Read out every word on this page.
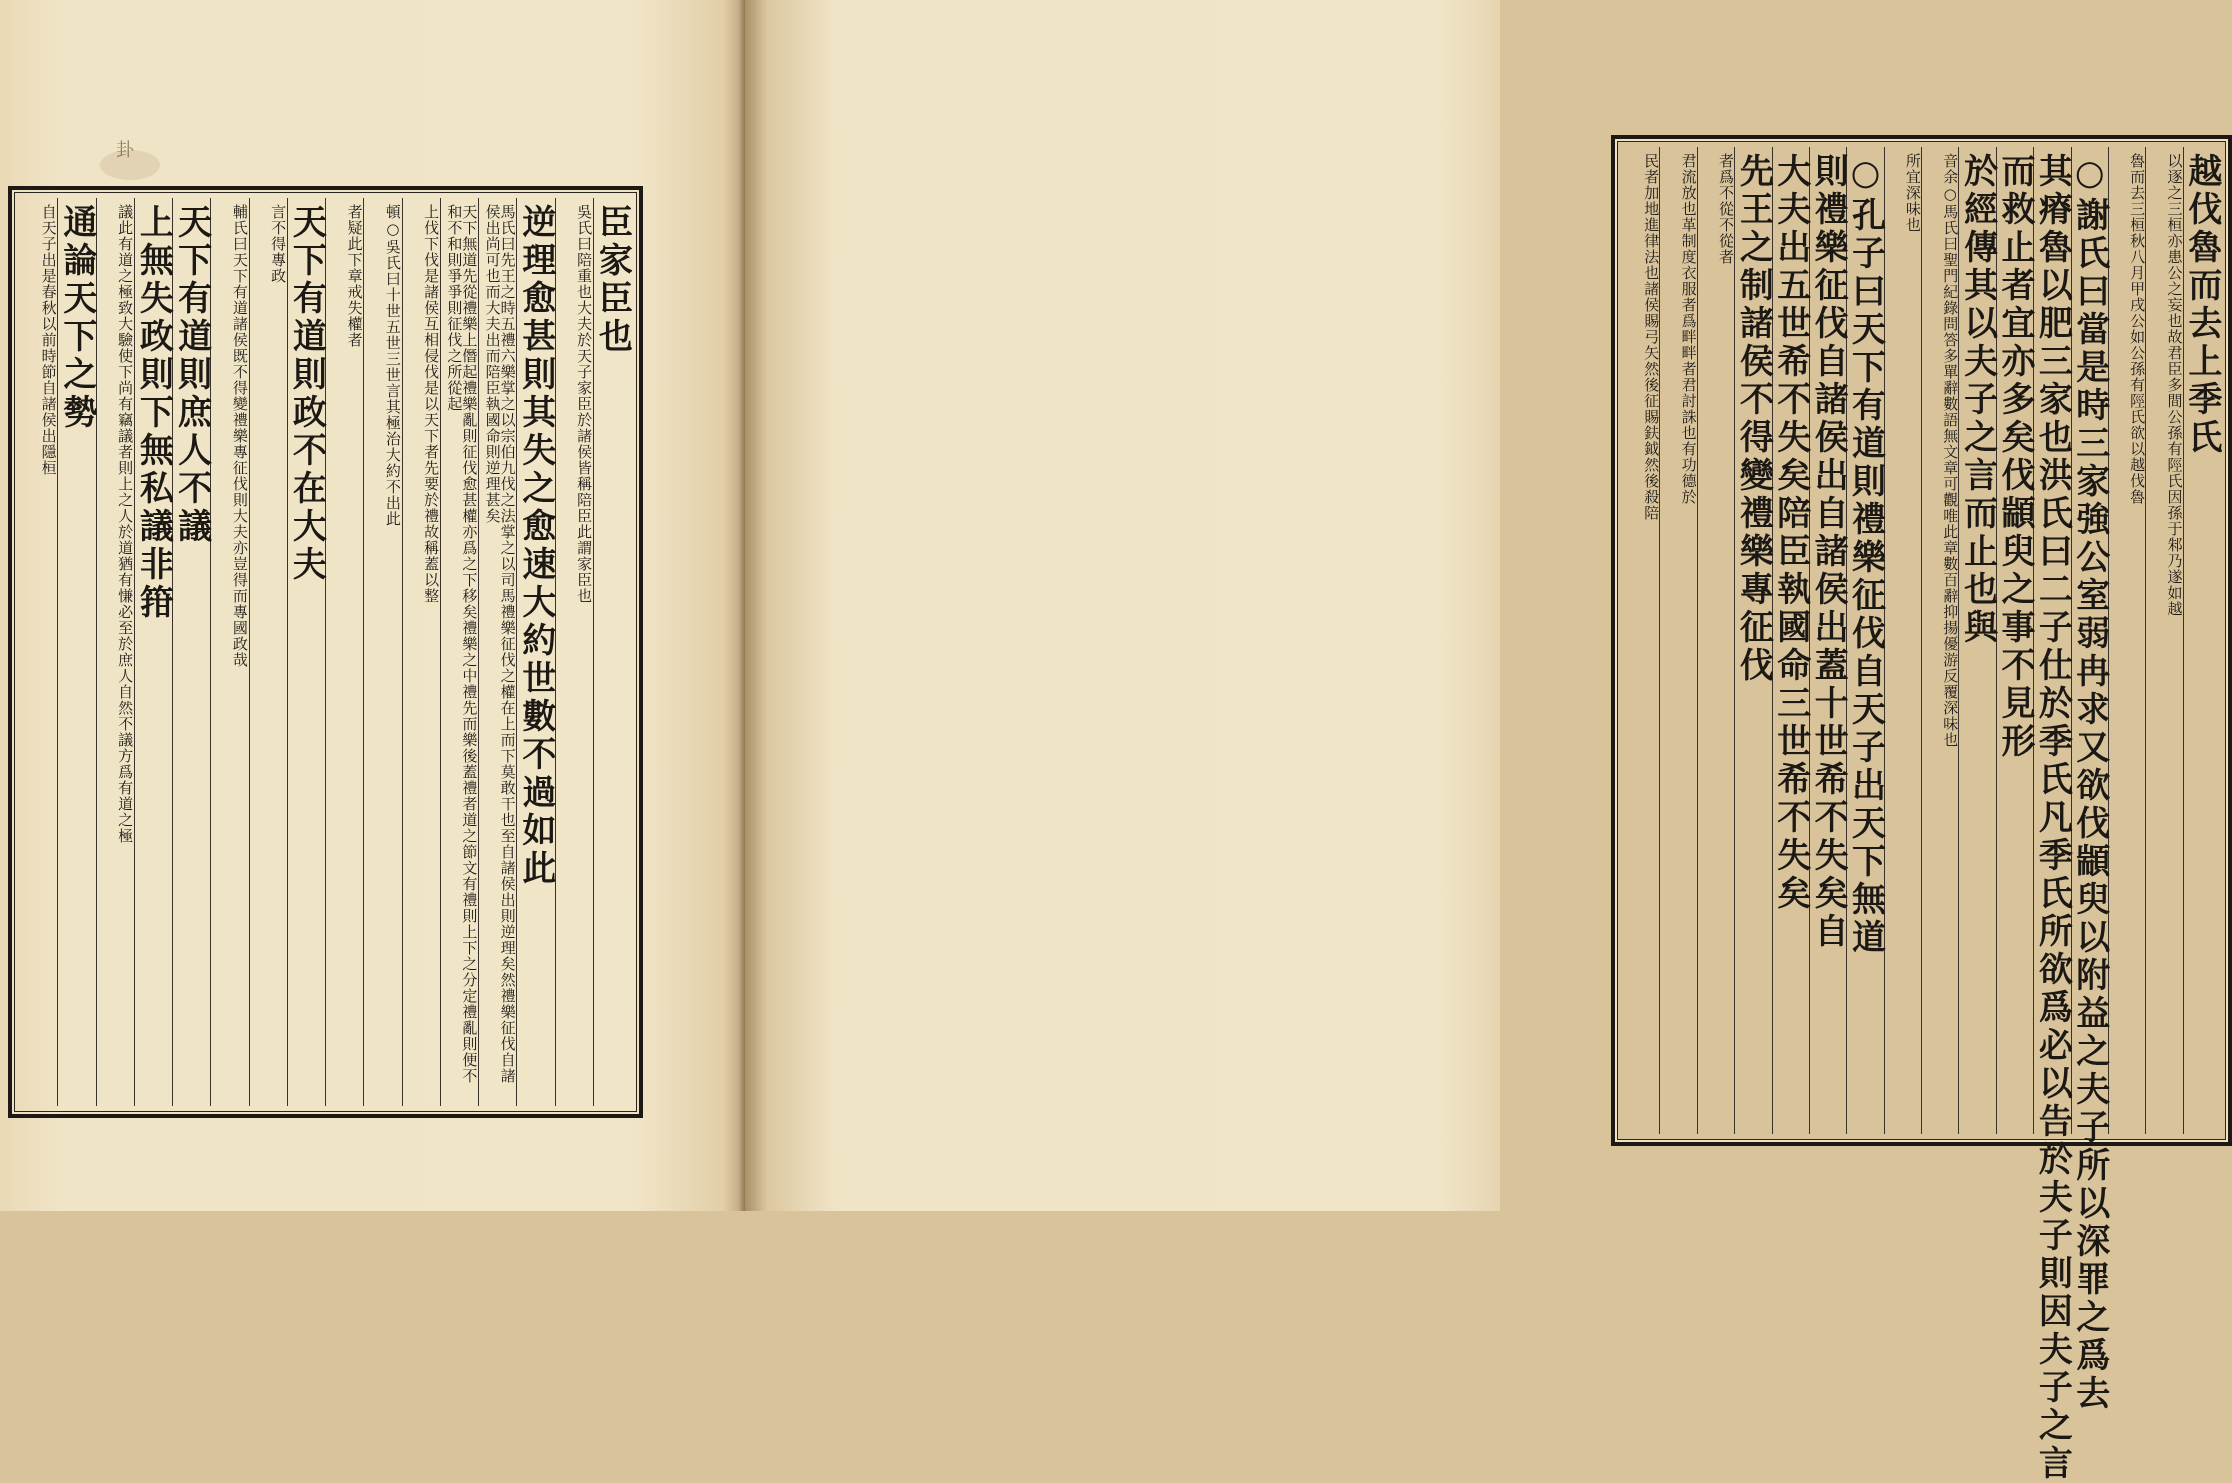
卦
臣家臣也
吳氏曰陪重也大夫於天子家臣於諸侯皆稱陪臣此謂家臣也
逆理愈甚則其失之愈速大約世數不過如此
馬氏曰先王之時五禮六樂掌之以宗伯九伐之法掌之以司馬禮樂征伐之權在上而下莫敢干也至自諸侯出則逆理矣然禮樂征伐自諸侯出尚可也而大夫出而陪臣執國命則逆理甚矣
天下無道先從禮樂上僭起禮樂亂則征伐愈甚權亦爲之下移矣禮樂之中禮先而樂後蓋禮者道之節文有禮則上下之分定禮亂則便不和不和則爭爭則征伐之所從起
上伐下伐是諸侯互相侵伐是以天下者先要於禮故稱蓋以整
頓○吳氏曰十世五世三世言其極治大約不出此
者疑此下章戒失權者
天下有道則政不在大夫
言不得專政
輔氏曰天下有道諸侯既不得變禮樂專征伐則大夫亦豈得而專國政哉
天下有道則庶人不議
上無失政則下無私議非箝
議此有道之極致大驗使下尚有竊議者則上之人於道猶有慊必至於庶人自然不議方爲有道之極
通論天下之勢
自天子出是春秋以前時節自諸侯出隱桓	越伐魯而去上季氏
以逐之三桓亦患公之妄也故君臣多間公孫有陘氏因孫于邾乃遂如越
魯而去三桓秋八月甲戌公如公孫有陘氏欲以越伐魯
○謝氏曰當是時三家強公室弱冉求又欲伐顓臾以附益之夫子所以深罪之爲去
其瘠魯以肥三家也洪氏曰二子仕於季氏凡季氏所欲爲必以告於夫子則因夫子之言
而救止者宜亦多矣伐顓臾之事不見形
於經傳其以夫子之言而止也與
音余○馬氏曰聖門紀錄問答多單辭數語無文章可觀唯此章數百辭抑揚優游反覆深味也
所宜深味也
○孔子曰天下有道則禮樂征伐自天子出天下無道
則禮樂征伐自諸侯出自諸侯出蓋十世希不失矣自
大夫出五世希不失矣陪臣執國命三世希不失矣
先王之制諸侯不得變禮樂專征伐
者爲不從不從者
君流放也革制度衣服者爲畔畔者君討誅也有功德於
民者加地進律法也諸侯賜弓矢然後征賜鈇鉞然後殺陪
